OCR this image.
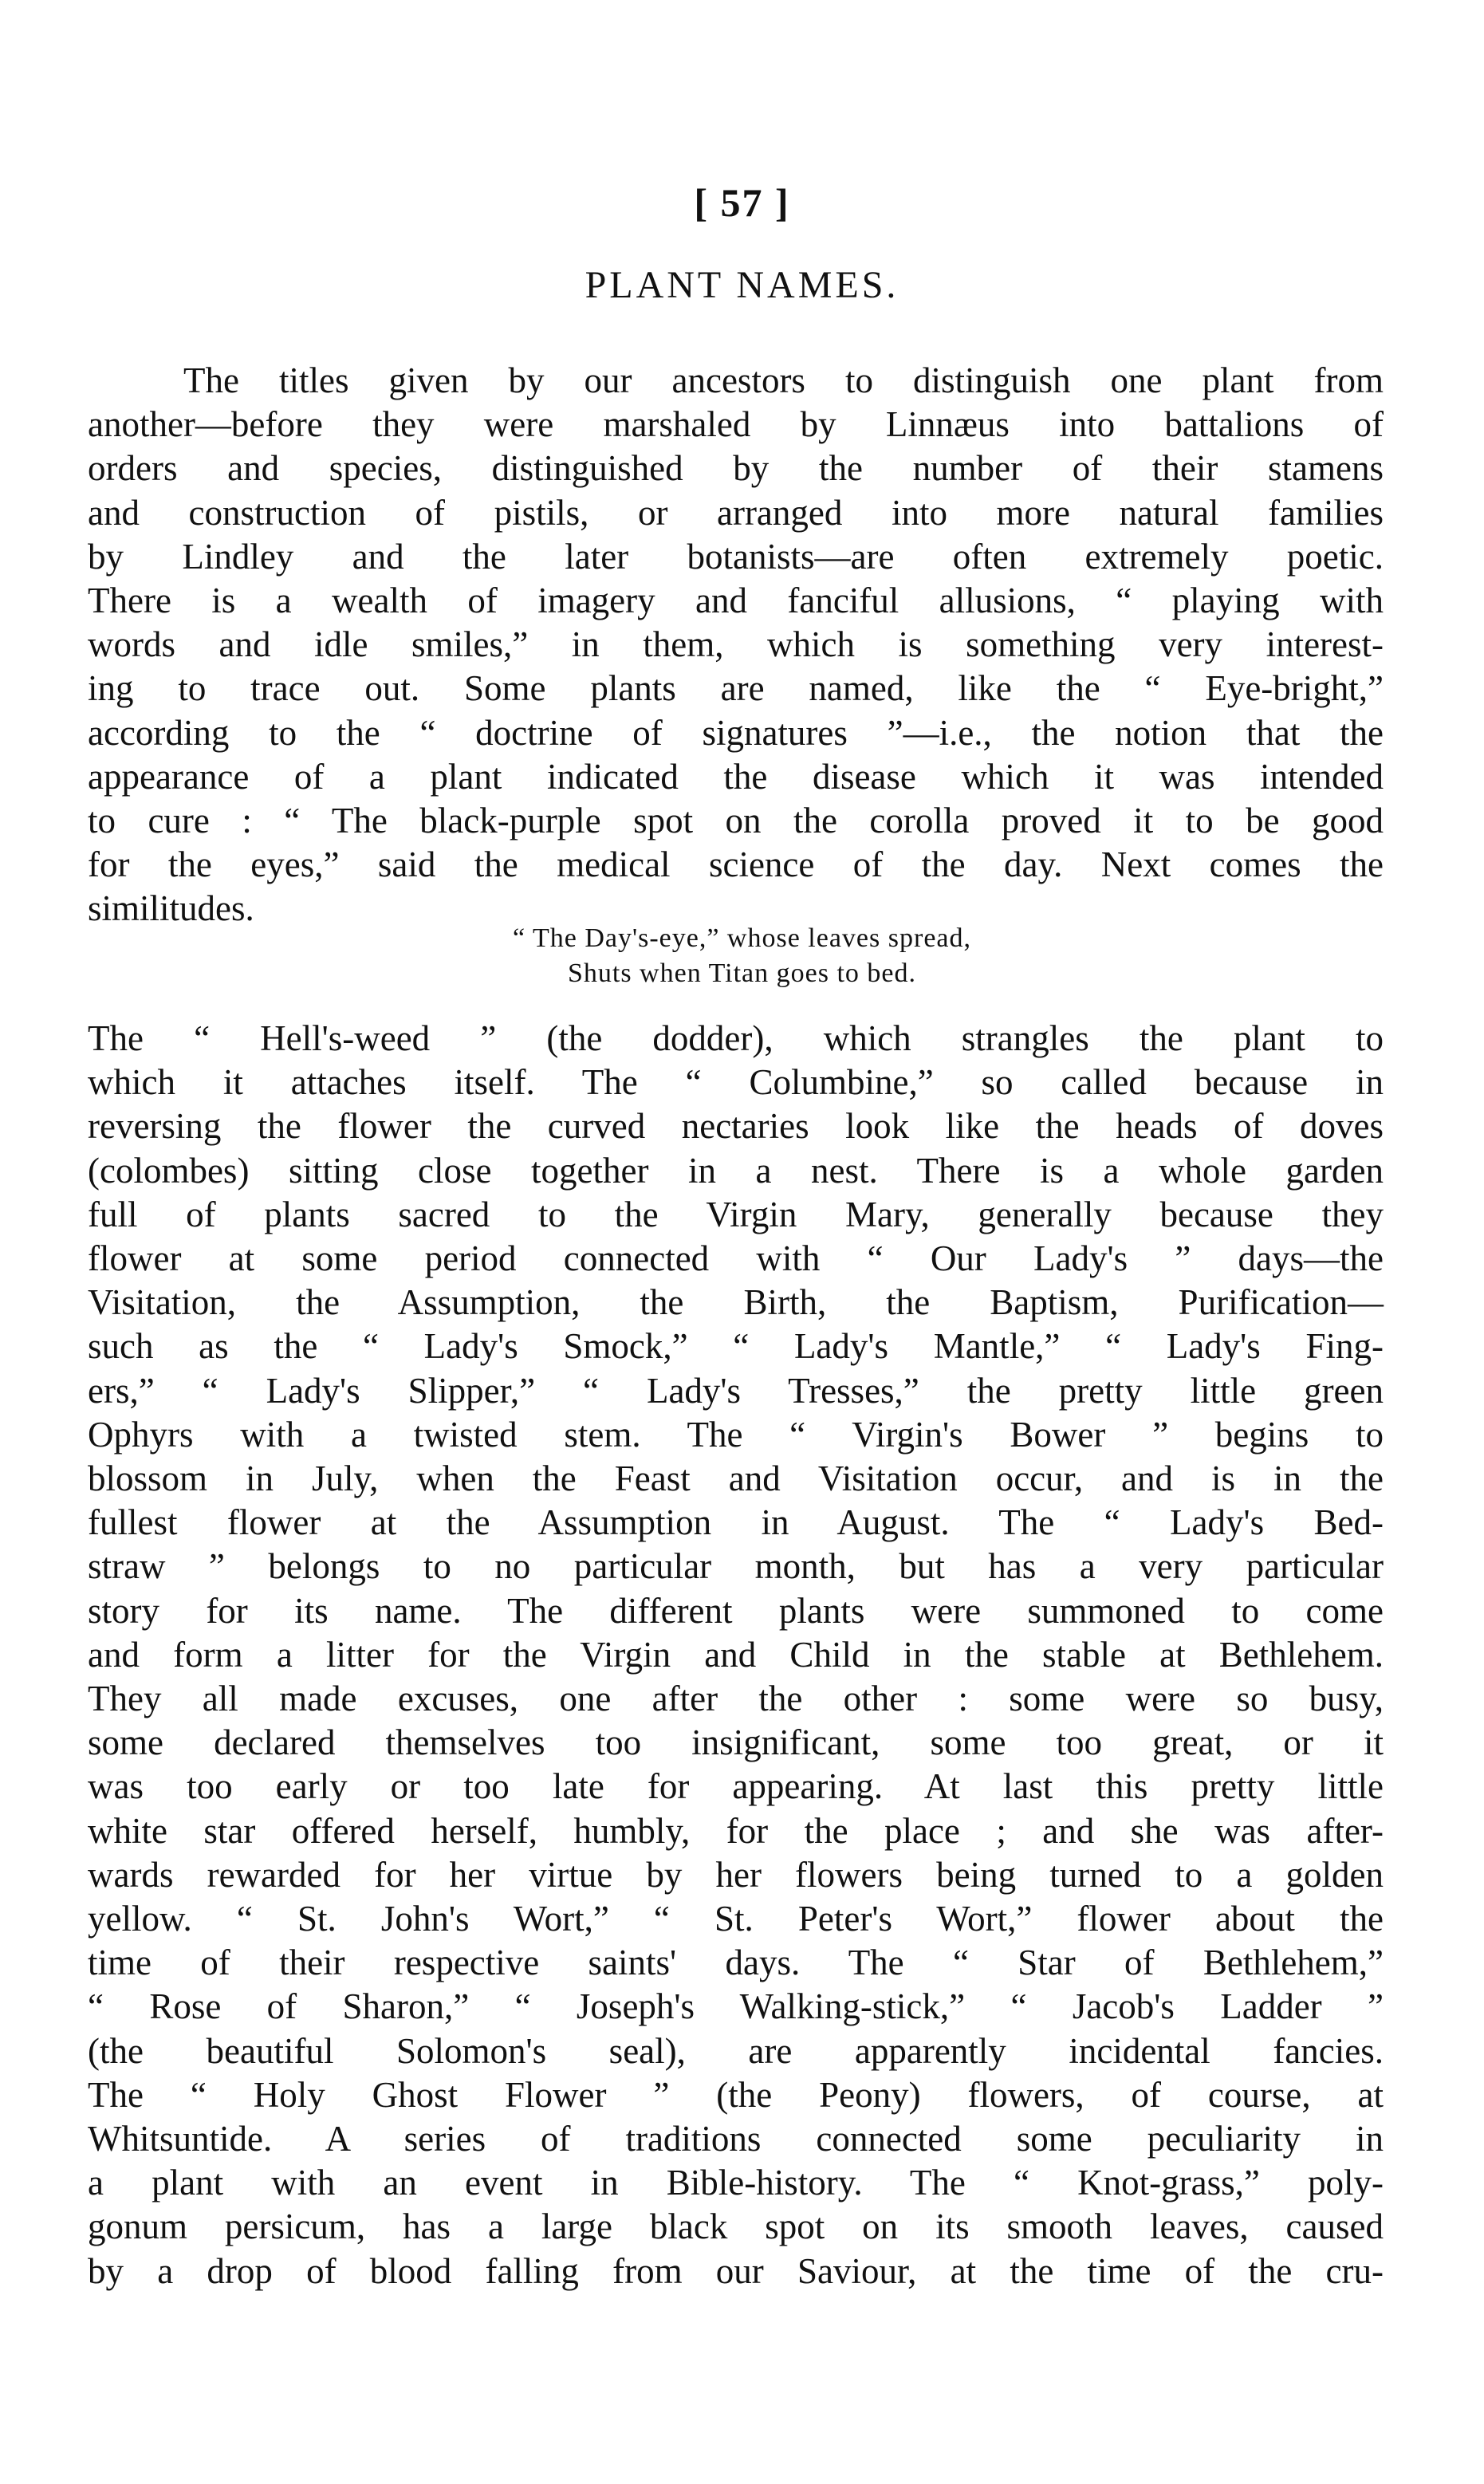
[ 57 ]
PLANT NAMES.
The titles given by our ancestors to distinguish one plant from
another—before they were marshaled by Linnæus into battalions of
orders and species, distinguished by the number of their stamens
and construction of pistils, or arranged into more natural families
by Lindley and the later botanists—are often extremely poetic.
There is a wealth of imagery and fanciful allusions, “ playing with
words and idle smiles,” in them, which is something very interest-
ing to trace out. Some plants are named, like the “ Eye-bright,”
according to the “ doctrine of signatures ”—i.e., the notion that the
appearance of a plant indicated the disease which it was intended
to cure : “ The black-purple spot on the corolla proved it to be good
for the eyes,” said the medical science of the day. Next comes the
similitudes.
“ The Day's-eye,” whose leaves spread,
Shuts when Titan goes to bed.
The “ Hell's-weed ” (the dodder), which strangles the plant to
which it attaches itself. The “ Columbine,” so called because in
reversing the flower the curved nectaries look like the heads of doves
(colombes) sitting close together in a nest. There is a whole garden
full of plants sacred to the Virgin Mary, generally because they
flower at some period connected with “ Our Lady's ” days—the
Visitation, the Assumption, the Birth, the Baptism, Purification—
such as the “ Lady's Smock,” “ Lady's Mantle,” “ Lady's Fing-
ers,” “ Lady's Slipper,” “ Lady's Tresses,” the pretty little green
Ophyrs with a twisted stem. The “ Virgin's Bower ” begins to
blossom in July, when the Feast and Visitation occur, and is in the
fullest flower at the Assumption in August. The “ Lady's Bed-
straw ” belongs to no particular month, but has a very particular
story for its name. The different plants were summoned to come
and form a litter for the Virgin and Child in the stable at Bethlehem.
They all made excuses, one after the other : some were so busy,
some declared themselves too insignificant, some too great, or it
was too early or too late for appearing. At last this pretty little
white star offered herself, humbly, for the place ; and she was after-
wards rewarded for her virtue by her flowers being turned to a golden
yellow. “ St. John's Wort,” “ St. Peter's Wort,” flower about the
time of their respective saints' days. The “ Star of Bethlehem,”
“ Rose of Sharon,” “ Joseph's Walking-stick,” “ Jacob's Ladder ”
(the beautiful Solomon's seal), are apparently incidental fancies.
The “ Holy Ghost Flower ” (the Peony) flowers, of course, at
Whitsuntide. A series of traditions connected some peculiarity in
a plant with an event in Bible-history. The “ Knot-grass,” poly-
gonum persicum, has a large black spot on its smooth leaves, caused
by a drop of blood falling from our Saviour, at the time of the cru-
